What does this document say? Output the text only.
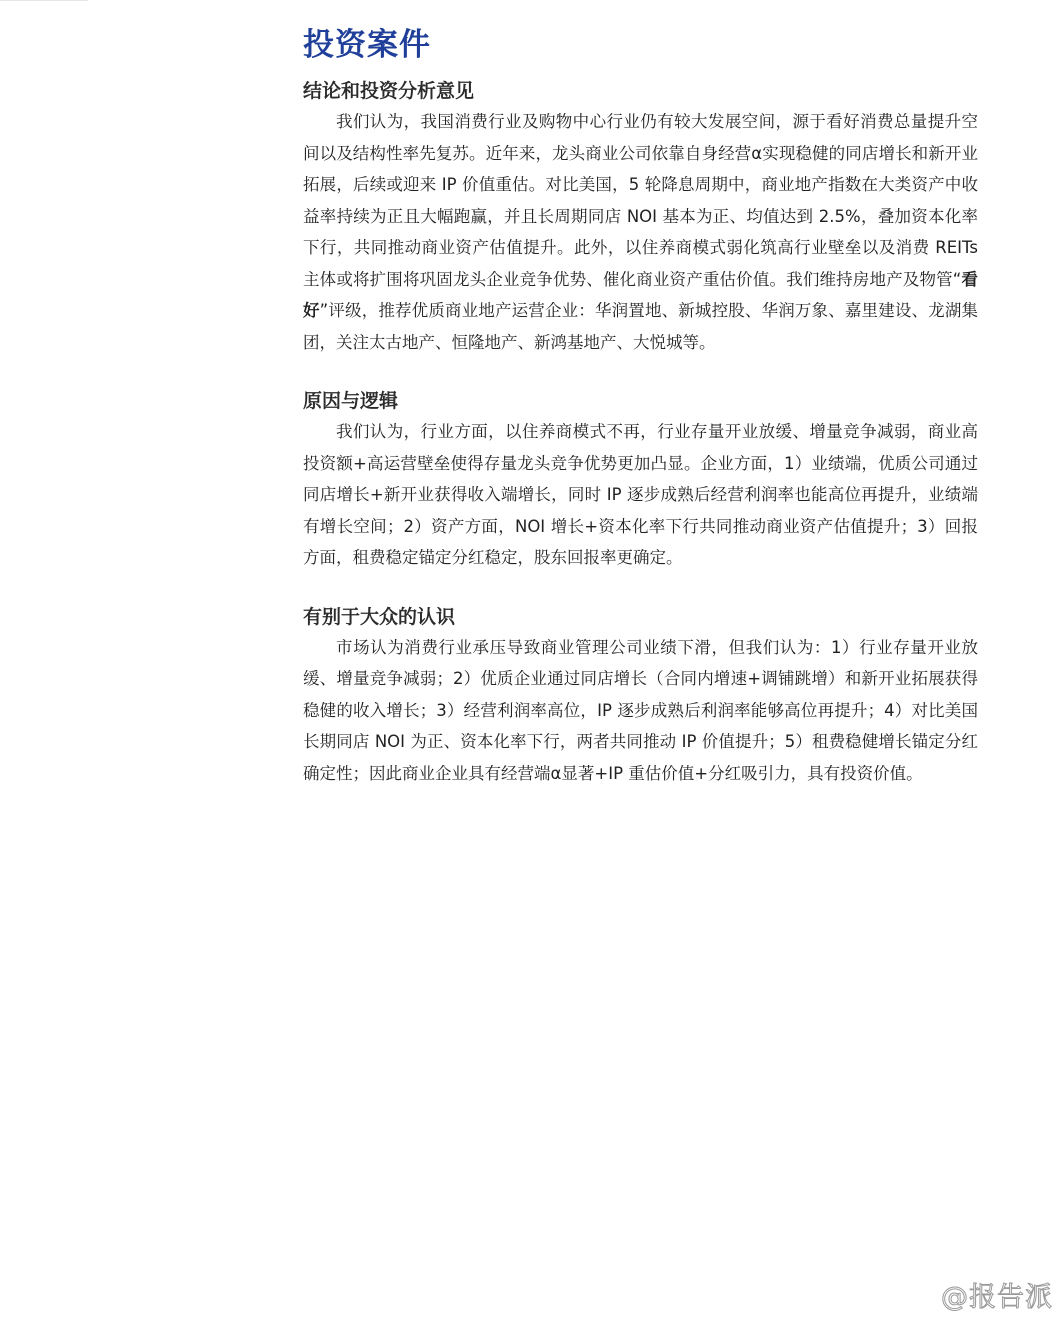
投资案件
结论和投资分析意见

我们认为，我国消费行业及购物中心行业仍有较大发展空间，源于看好消费总量提升空间以及结构性率先复苏。近年来，龙头商业公司依靠自身经营α实现稳健的同店增长和新开业拓展，后续或迎来 IP 价值重估。对比美国，5 轮降息周期中，商业地产指数在大类资产中收益率持续为正且大幅跑赢，并且长周期同店 NOI 基本为正、均值达到 2.5%，叠加资本化率下行，共同推动商业资产估值提升。此外，以住养商模式弱化筑高行业壁垒以及消费 REITs 主体或将扩围将巩固龙头企业竞争优势、催化商业资产重估价值。我们维持房地产及物管“看好”评级，推荐优质商业地产运营企业：华润置地、新城控股、华润万象、嘉里建设、龙湖集团，关注太古地产、恒隆地产、新鸿基地产、大悦城等。

原因与逻辑

我们认为，行业方面，以住养商模式不再，行业存量开业放缓、增量竞争减弱，商业高投资额+高运营壁垒使得存量龙头竞争优势更加凸显。企业方面，1）业绩端，优质公司通过同店增长+新开业获得收入端增长，同时 IP 逐步成熟后经营利润率也能高位再提升，业绩端有增长空间；2）资产方面，NOI 增长+资本化率下行共同推动商业资产估值提升；3）回报方面，租费稳定锚定分红稳定，股东回报率更确定。

有别于大众的认识

市场认为消费行业承压导致商业管理公司业绩下滑，但我们认为：1）行业存量开业放缓、增量竞争减弱；2）优质企业通过同店增长（合同内增速+调铺跳增）和新开业拓展获得稳健的收入增长；3）经营利润率高位，IP 逐步成熟后利润率能够高位再提升；4）对比美国长期同店 NOI 为正、资本化率下行，两者共同推动 IP 价值提升；5）租费稳健增长锚定分红确定性；因此商业企业具有经营端α显著+IP 重估价值+分红吸引力，具有投资价值。

@报告派
